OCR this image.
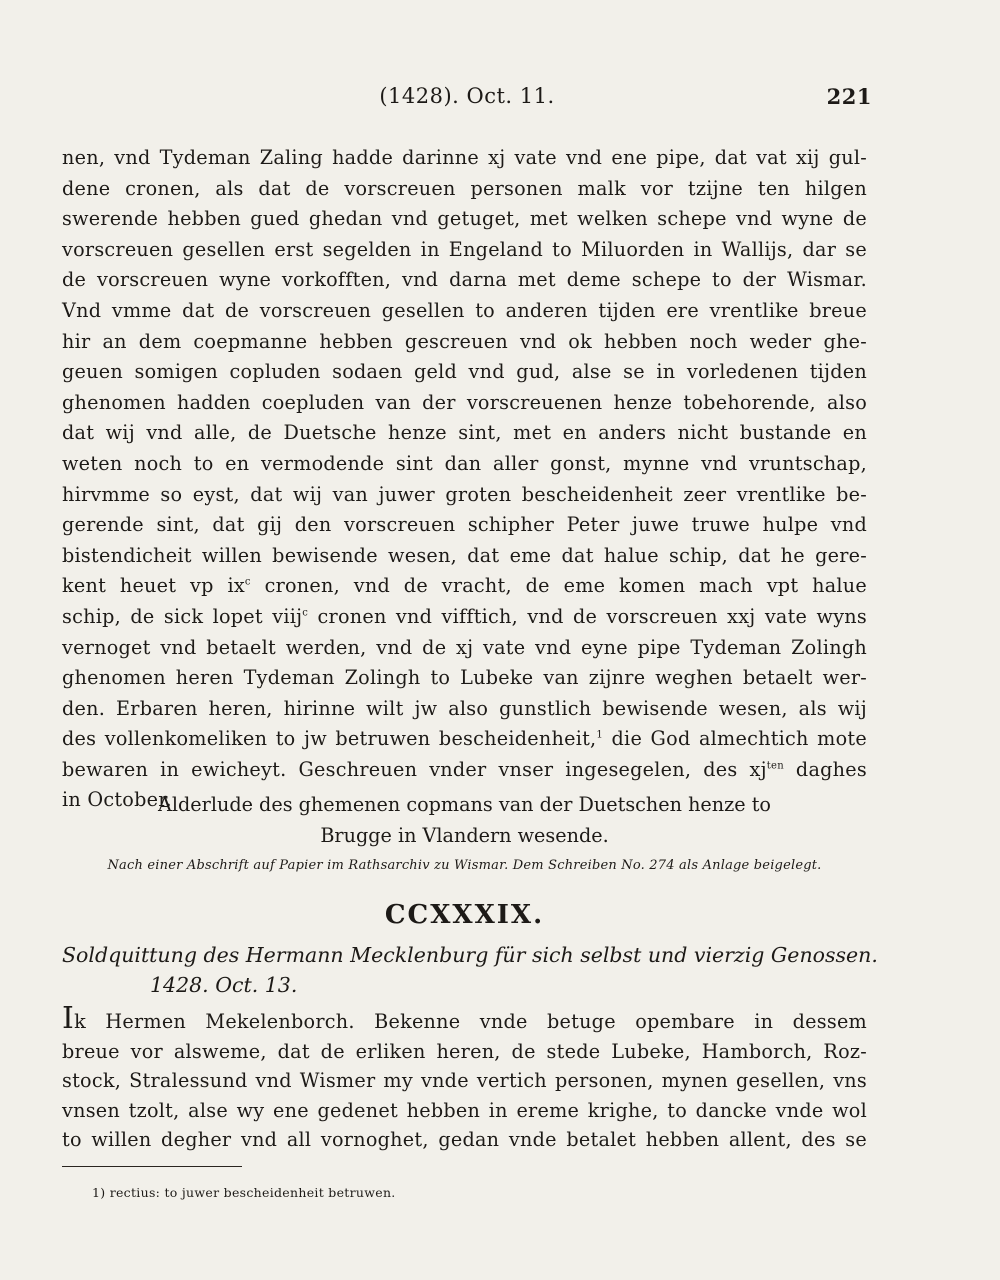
(1428). Oct. 11.	221
nen, vnd Tydeman Zaling hadde darinne xj vate vnd ene pipe, dat vat xij gul-
dene cronen, als dat de vorscreuen personen malk vor tzijne ten hilgen
swerende hebben gued ghedan vnd getuget, met welken schepe vnd wyne de
vorscreuen gesellen erst segelden in Engeland to Miluorden in Wallijs, dar se
de vorscreuen wyne vorkofften, vnd darna met deme schepe to der Wismar.
Vnd vmme dat de vorscreuen gesellen to anderen tijden ere vrentlike breue
hir an dem coepmanne hebben gescreuen vnd ok hebben noch weder ghe-
geuen somigen copluden sodaen geld vnd gud, alse se in vorledenen tijden
ghenomen hadden coepluden van der vorscreuenen henze tobehorende, also
dat wij vnd alle, de Duetsche henze sint, met en anders nicht bustande en
weten noch to en vermodende sint dan aller gonst, mynne vnd vruntschap,
hirvmme so eyst, dat wij van juwer groten bescheidenheit zeer vrentlike be-
gerende sint, dat gij den vorscreuen schipher Peter juwe truwe hulpe vnd
bistendicheit willen bewisende wesen, dat eme dat halue schip, dat he gere-
kent heuet vp $ix^c$ cronen, vnd de vracht, de eme komen mach vpt halue
schip, de sick lopet viij$^c$ cronen vnd vifftich, vnd de vorscreuen xxj vate wyns
vernoget vnd betaelt werden, vnd de xj vate vnd eyne pipe Tydeman Zolingh
ghenomen heren Tydeman Zolingh to Lubeke van zijnre weghen betaelt wer-
den. Erbaren heren, hirinne wilt jw also gunstlich bewisende wesen, als wij
des vollenkomeliken to jw betruwen bescheidenheit,$^1$ die God almechtich mote
bewaren in ewicheyt. Geschreuen vnder vnser ingesegelen, des $xj^{ten}$ daghes
in October.
Alderlude des ghemenen copmans van der Duetschen henze to
Brugge in Vlandern wesende.
Nach einer Abschrift auf Papier im Rathsarchiv zu Wismar. Dem Schreiben No. 274 als Anlage beigelegt.
CCXXXIX.
Soldquittung des Hermann Mecklenburg für sich selbst und vierzig Genossen.
1428. Oct. 13.
Ik Hermen Mekelenborch. Bekenne vnde betuge opembare in dessem
breue vor alsweme, dat de erliken heren, de stede Lubeke, Hamborch, Roz-
stock, Stralessund vnd Wismer my vnde vertich personen, mynen gesellen, vns
vnsen tzolt, alse wy ene gedenet hebben in ereme krighe, to dancke vnde wol
to willen degher vnd all vornoghet, gedan vnde betalet hebben allent, des se
1) rectius: to juwer bescheidenheit betruwen.
